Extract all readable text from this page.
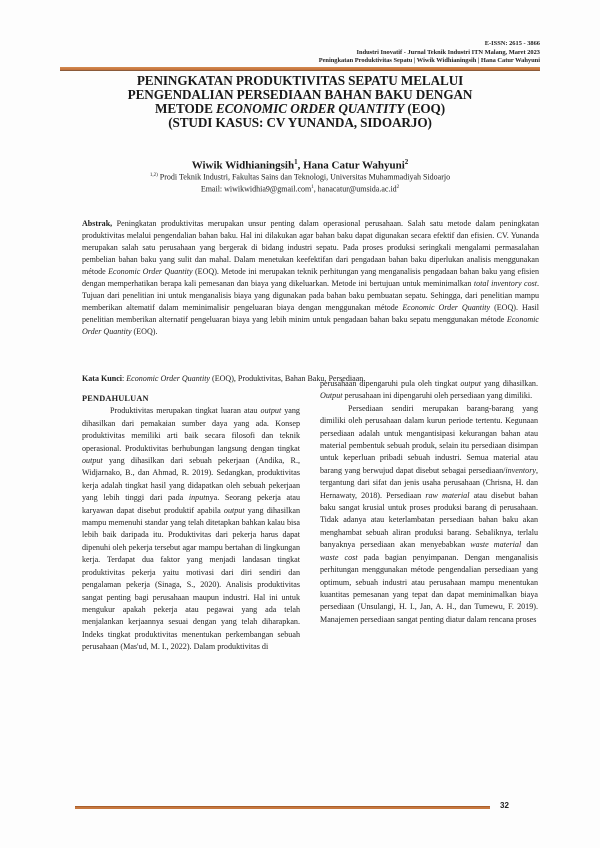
E-ISSN: 2615 - 3866
Industri Inovatif - Jurnal Teknik Industri ITN Malang, Maret 2023
Peningkatan Produktivitas Sepatu | Wiwik Widhianingsih | Hana Catur Wahyuni
PENINGKATAN PRODUKTIVITAS SEPATU MELALUI
PENGENDALIAN PERSEDIAAN BAHAN BAKU DENGAN
METODE ECONOMIC ORDER QUANTITY (EOQ)
(STUDI KASUS: CV YUNANDA, SIDOARJO)
Wiwik Widhianingsih$^1$, Hana Catur Wahyuni$^2$
$^{1,2)}$ Prodi Teknik Industri, Fakultas Sains dan Teknologi, Universitas Muhammadiyah Sidoarjo
Email: wiwikwidhia9@gmail.com$^1$, $hanacatur@umsida.ac.id^2$
Abstrak, Peningkatan produktivitas merupakan unsur penting dalam operasional perusahaan. Salah satu metode dalam peningkatan produktivitas melalui pengendalian bahan baku. Hal ini dilakukan agar bahan baku dapat digunakan secara efektif dan efisien. CV. Yunanda merupakan salah satu perusahaan yang bergerak di bidang industri sepatu. Pada proses produksi seringkali mengalami permasalahan pembelian bahan baku yang sulit dan mahal. Dalam menetukan keefektifan dari pengadaan bahan baku diperlukan analisis menggunakan métode Economic Order Quantity (EOQ). Metode ini merupakan teknik perhitungan yang menganalisis pengadaan bahan baku yang efisien dengan memperhatikan berapa kali pemesanan dan biaya yang dikeluarkan. Metode ini bertujuan untuk meminimalkan total inventory cost. Tujuan dari penelitian ini untuk menganalisis biaya yang digunakan pada bahan baku pembuatan sepatu. Sehingga, dari penelitian mampu memberikan altematif dalam meminimalisir pengeluaran biaya dengan menggunakan métode Economic Order Quantity (EOQ). Hasil penelitian memberikan alternatif pengeluaran biaya yang lebih minim untuk pengadaan bahan baku sepatu menggunakan métode Economic Order Quantity (EOQ).
Kata Kunci: Economic Order Quantity (EOQ), Produktivitas, Bahan Baku, Persediaan.

PENDAHULUAN

Produktivitas merupakan tingkat luaran atau output yang dihasilkan dari pemakaian sumber daya yang ada. Konsep produktivitas memiliki arti baik secara filosofi dan teknik operasional. Produktivitas berhubungan langsung dengan tingkat output yang dihasilkan dari sebuah pekerjaan (Andika, R., Widjarnako, B., dan Ahmad, R. 2019). Sedangkan, produktivitas kerja adalah tingkat hasil yang didapatkan oleh sebuah pekerjaan yang lebih tinggi dari pada inputnya. Seorang pekerja atau karyawan dapat disebut produktif apabila output yang dihasilkan mampu memenuhi standar yang telah ditetapkan bahkan kalau bisa lebih baik daripada itu. Produktivitas dari pekerja harus dapat dipenuhi oleh pekerja tersebut agar mampu bertahan di lingkungan kerja. Terdapat dua faktor yang menjadi landasan tingkat produktivitas pekerja yaitu motivasi dari diri sendiri dan pengalaman pekerja (Sinaga, S., 2020). Analisis produktivitas sangat penting bagi perusahaan maupun industri. Hal ini untuk mengukur apakah pekerja atau pegawai yang ada telah menjalankan kerjaannya sesuai dengan yang telah diharapkan. Indeks tingkat produktivitas menentukan perkembangan sebuah perusahaan (Mas'ud, M. I., 2022). Dalam produktivitas di

perusahaan dipengaruhi pula oleh tingkat output yang dihasilkan. Output perusahaan ini dipengaruhi oleh persediaan yang dimiliki.

Persediaan sendiri merupakan barang-barang yang dimiliki oleh perusahaan dalam kurun periode tertentu. Kegunaan persediaan adalah untuk mengantisipasi kekurangan bahan atau material pembentuk sebuah produk, selain itu persediaan disimpan untuk keperluan pribadi sebuah industri. Semua material atau barang yang berwujud dapat disebut sebagai persediaan/inventory, tergantung dari sifat dan jenis usaha perusahaan (Chrisna, H. dan Hernawaty, 2018). Persediaan raw material atau disebut bahan baku sangat krusial untuk proses produksi barang di perusahaan. Tidak adanya atau keterlambatan persediaan bahan baku akan menghambat sebuah aliran produksi barang. Sebaliknya, terlalu banyaknya persediaan akan menyebabkan waste material dan waste cost pada bagian penyimpanan. Dengan menganalisis perhitungan menggunakan métode pengendalian persediaan yang optimum, sebuah industri atau perusahaan mampu menentukan kuantitas pemesanan yang tepat dan dapat meminimalkan biaya persediaan (Unsulangi, H. I., Jan, A. H., dan Tumewu, F. 2019). Manajemen persediaan sangat penting diatur dalam rencana proses

32
